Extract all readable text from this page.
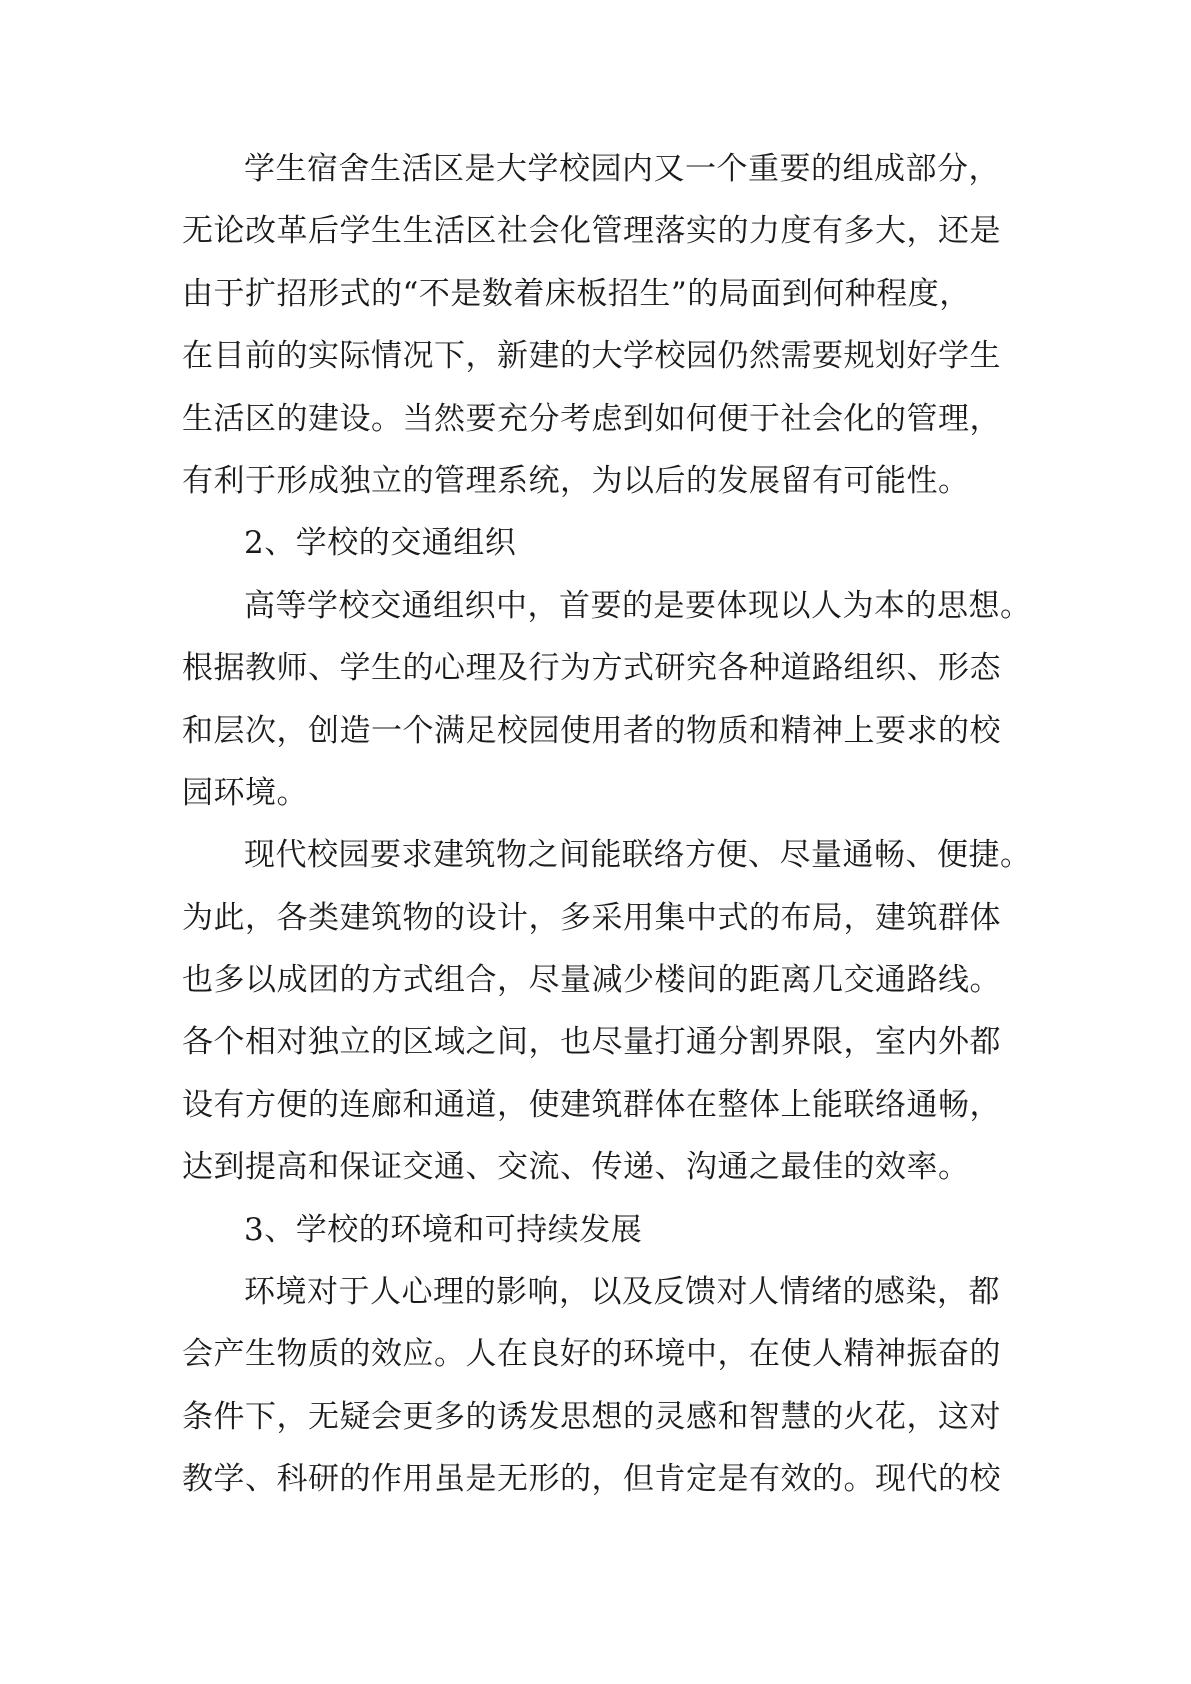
学生宿舍生活区是大学校园内又一个重要的组成部分，
无论改革后学生生活区社会化管理落实的力度有多大，还是
由于扩招形式的“不是数着床板招生”的局面到何种程度，
在目前的实际情况下，新建的大学校园仍然需要规划好学生
生活区的建设。当然要充分考虑到如何便于社会化的管理，
有利于形成独立的管理系统，为以后的发展留有可能性。
2、学校的交通组织
高等学校交通组织中，首要的是要体现以人为本的思想。
根据教师、学生的心理及行为方式研究各种道路组织、形态
和层次，创造一个满足校园使用者的物质和精神上要求的校
园环境。
现代校园要求建筑物之间能联络方便、尽量通畅、便捷。
为此，各类建筑物的设计，多采用集中式的布局，建筑群体
也多以成团的方式组合，尽量减少楼间的距离几交通路线。
各个相对独立的区域之间，也尽量打通分割界限，室内外都
设有方便的连廊和通道，使建筑群体在整体上能联络通畅，
达到提高和保证交通、交流、传递、沟通之最佳的效率。
3、学校的环境和可持续发展
环境对于人心理的影响，以及反馈对人情绪的感染，都
会产生物质的效应。人在良好的环境中，在使人精神振奋的
条件下，无疑会更多的诱发思想的灵感和智慧的火花，这对
教学、科研的作用虽是无形的，但肯定是有效的。现代的校
